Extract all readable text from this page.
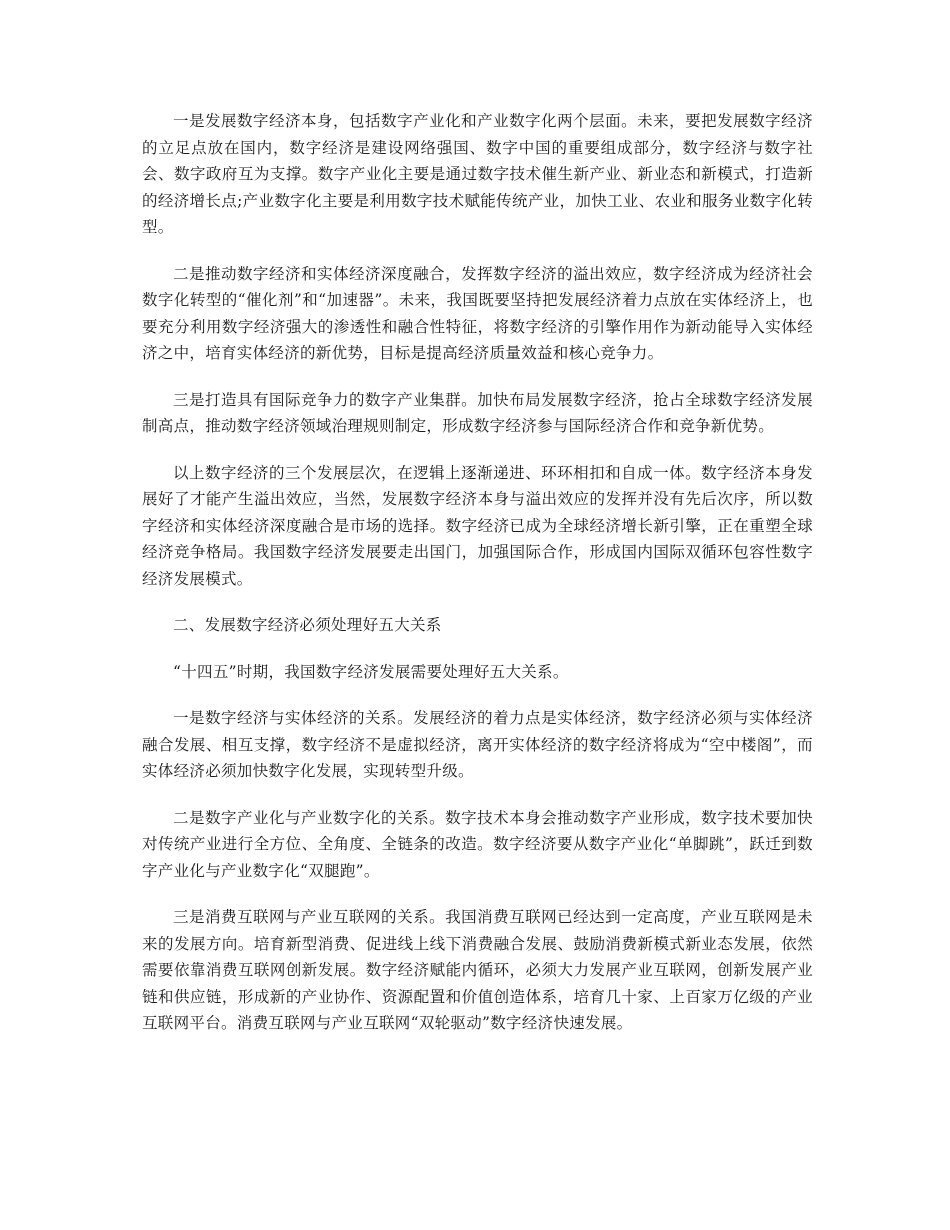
一是发展数字经济本身，包括数字产业化和产业数字化两个层面。未来，要把发展数字经济的立足点放在国内，数字经济是建设网络强国、数字中国的重要组成部分，数字经济与数字社会、数字政府互为支撑。数字产业化主要是通过数字技术催生新产业、新业态和新模式，打造新的经济增长点;产业数字化主要是利用数字技术赋能传统产业，加快工业、农业和服务业数字化转型。

二是推动数字经济和实体经济深度融合，发挥数字经济的溢出效应，数字经济成为经济社会数字化转型的“催化剂”和“加速器”。未来，我国既要坚持把发展经济着力点放在实体经济上，也要充分利用数字经济强大的渗透性和融合性特征，将数字经济的引擎作用作为新动能导入实体经济之中，培育实体经济的新优势，目标是提高经济质量效益和核心竞争力。

三是打造具有国际竞争力的数字产业集群。加快布局发展数字经济，抢占全球数字经济发展制高点，推动数字经济领域治理规则制定，形成数字经济参与国际经济合作和竞争新优势。

以上数字经济的三个发展层次，在逻辑上逐渐递进、环环相扣和自成一体。数字经济本身发展好了才能产生溢出效应，当然，发展数字经济本身与溢出效应的发挥并没有先后次序，所以数字经济和实体经济深度融合是市场的选择。数字经济已成为全球经济增长新引擎，正在重塑全球经济竞争格局。我国数字经济发展要走出国门，加强国际合作，形成国内国际双循环包容性数字经济发展模式。

二、发展数字经济必须处理好五大关系

“十四五”时期，我国数字经济发展需要处理好五大关系。

一是数字经济与实体经济的关系。发展经济的着力点是实体经济，数字经济必须与实体经济融合发展、相互支撑，数字经济不是虚拟经济，离开实体经济的数字经济将成为“空中楼阁”，而实体经济必须加快数字化发展，实现转型升级。

二是数字产业化与产业数字化的关系。数字技术本身会推动数字产业形成，数字技术要加快对传统产业进行全方位、全角度、全链条的改造。数字经济要从数字产业化“单脚跳”，跃迁到数字产业化与产业数字化“双腿跑”。

三是消费互联网与产业互联网的关系。我国消费互联网已经达到一定高度，产业互联网是未来的发展方向。培育新型消费、促进线上线下消费融合发展、鼓励消费新模式新业态发展，依然需要依靠消费互联网创新发展。数字经济赋能内循环，必须大力发展产业互联网，创新发展产业链和供应链，形成新的产业协作、资源配置和价值创造体系，培育几十家、上百家万亿级的产业互联网平台。消费互联网与产业互联网“双轮驱动”数字经济快速发展。
